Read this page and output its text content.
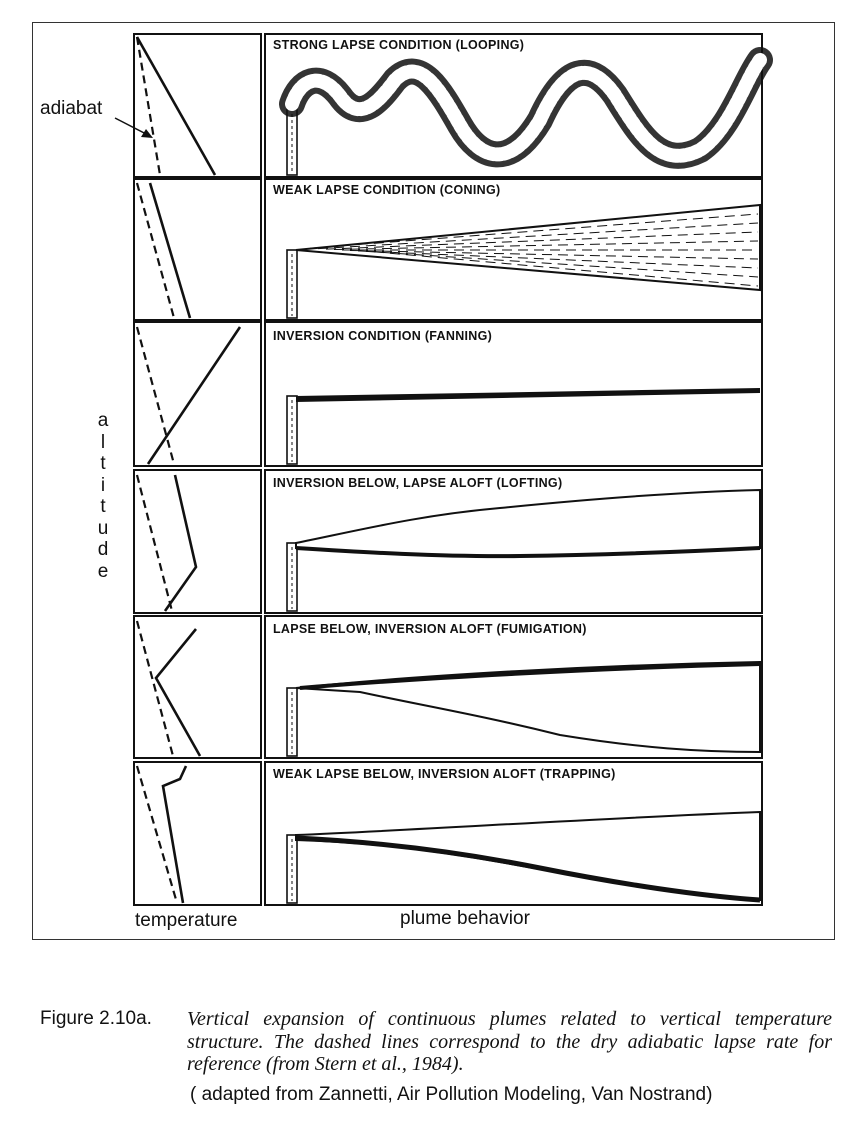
adiabat
a
l
t
i
t
u
d
e
STRONG LAPSE CONDITION (LOOPING)
WEAK LAPSE CONDITION (CONING)
INVERSION CONDITION (FANNING)
INVERSION BELOW, LAPSE ALOFT (LOFTING)
LAPSE BELOW, INVERSION ALOFT (FUMIGATION)
WEAK LAPSE BELOW, INVERSION ALOFT (TRAPPING)
temperature	plume behavior
Figure 2.10a. Vertical expansion of continuous plumes related to vertical temperature structure. The dashed lines correspond to the dry adiabatic lapse rate for reference (from Stern et al., 1984).
( adapted from Zannetti, Air Pollution Modeling, Van Nostrand)
